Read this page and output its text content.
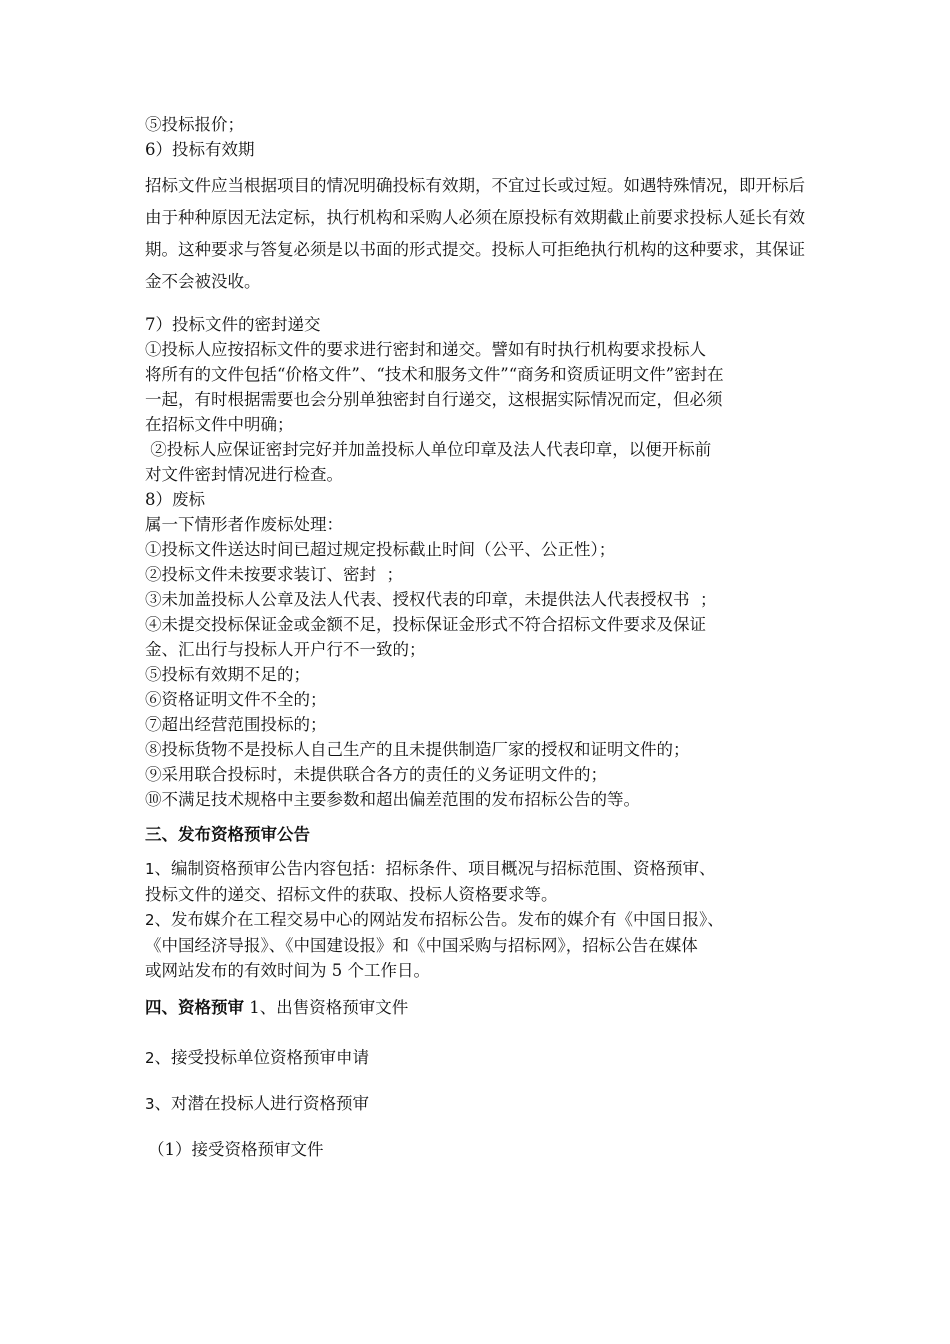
⑤投标报价；
6）投标有效期
招标文件应当根据项目的情况明确投标有效期，不宜过长或过短。如遇特殊情况，即开标后由于种种原因无法定标，执行机构和采购人必须在原投标有效期截止前要求投标人延长有效期。这种要求与答复必须是以书面的形式提交。投标人可拒绝执行机构的这种要求，其保证金不会被没收。
7）投标文件的密封递交
①投标人应按招标文件的要求进行密封和递交。譬如有时执行机构要求投标人
将所有的文件包括“价格文件”、“技术和服务文件”“商务和资质证明文件”密封在
一起，有时根据需要也会分别单独密封自行递交，这根据实际情况而定，但必须
在招标文件中明确；
②投标人应保证密封完好并加盖投标人单位印章及法人代表印章，以便开标前
对文件密封情况进行检查。
8）废标
属一下情形者作废标处理：
①投标文件送达时间已超过规定投标截止时间（公平、公正性）；
②投标文件未按要求装订、密封  ；
③未加盖投标人公章及法人代表、授权代表的印章，未提供法人代表授权书  ；
④未提交投标保证金或金额不足，投标保证金形式不符合招标文件要求及保证
金、汇出行与投标人开户行不一致的；
⑤投标有效期不足的；
⑥资格证明文件不全的；
⑦超出经营范围投标的；
⑧投标货物不是投标人自己生产的且未提供制造厂家的授权和证明文件的；
⑨采用联合投标时，未提供联合各方的责任的义务证明文件的；
⑩不满足技术规格中主要参数和超出偏差范围的发布招标公告的等。
三、发布资格预审公告
1、编制资格预审公告内容包括：招标条件、项目概况与招标范围、资格预审、
投标文件的递交、招标文件的获取、投标人资格要求等。
2、发布媒介在工程交易中心的网站发布招标公告。发布的媒介有《中国日报》、
《中国经济导报》、《中国建设报》和《中国采购与招标网》，招标公告在媒体
或网站发布的有效时间为 5 个工作日。
四、资格预审 1、出售资格预审文件
2、接受投标单位资格预审申请
3、对潜在投标人进行资格预审
（1）接受资格预审文件
